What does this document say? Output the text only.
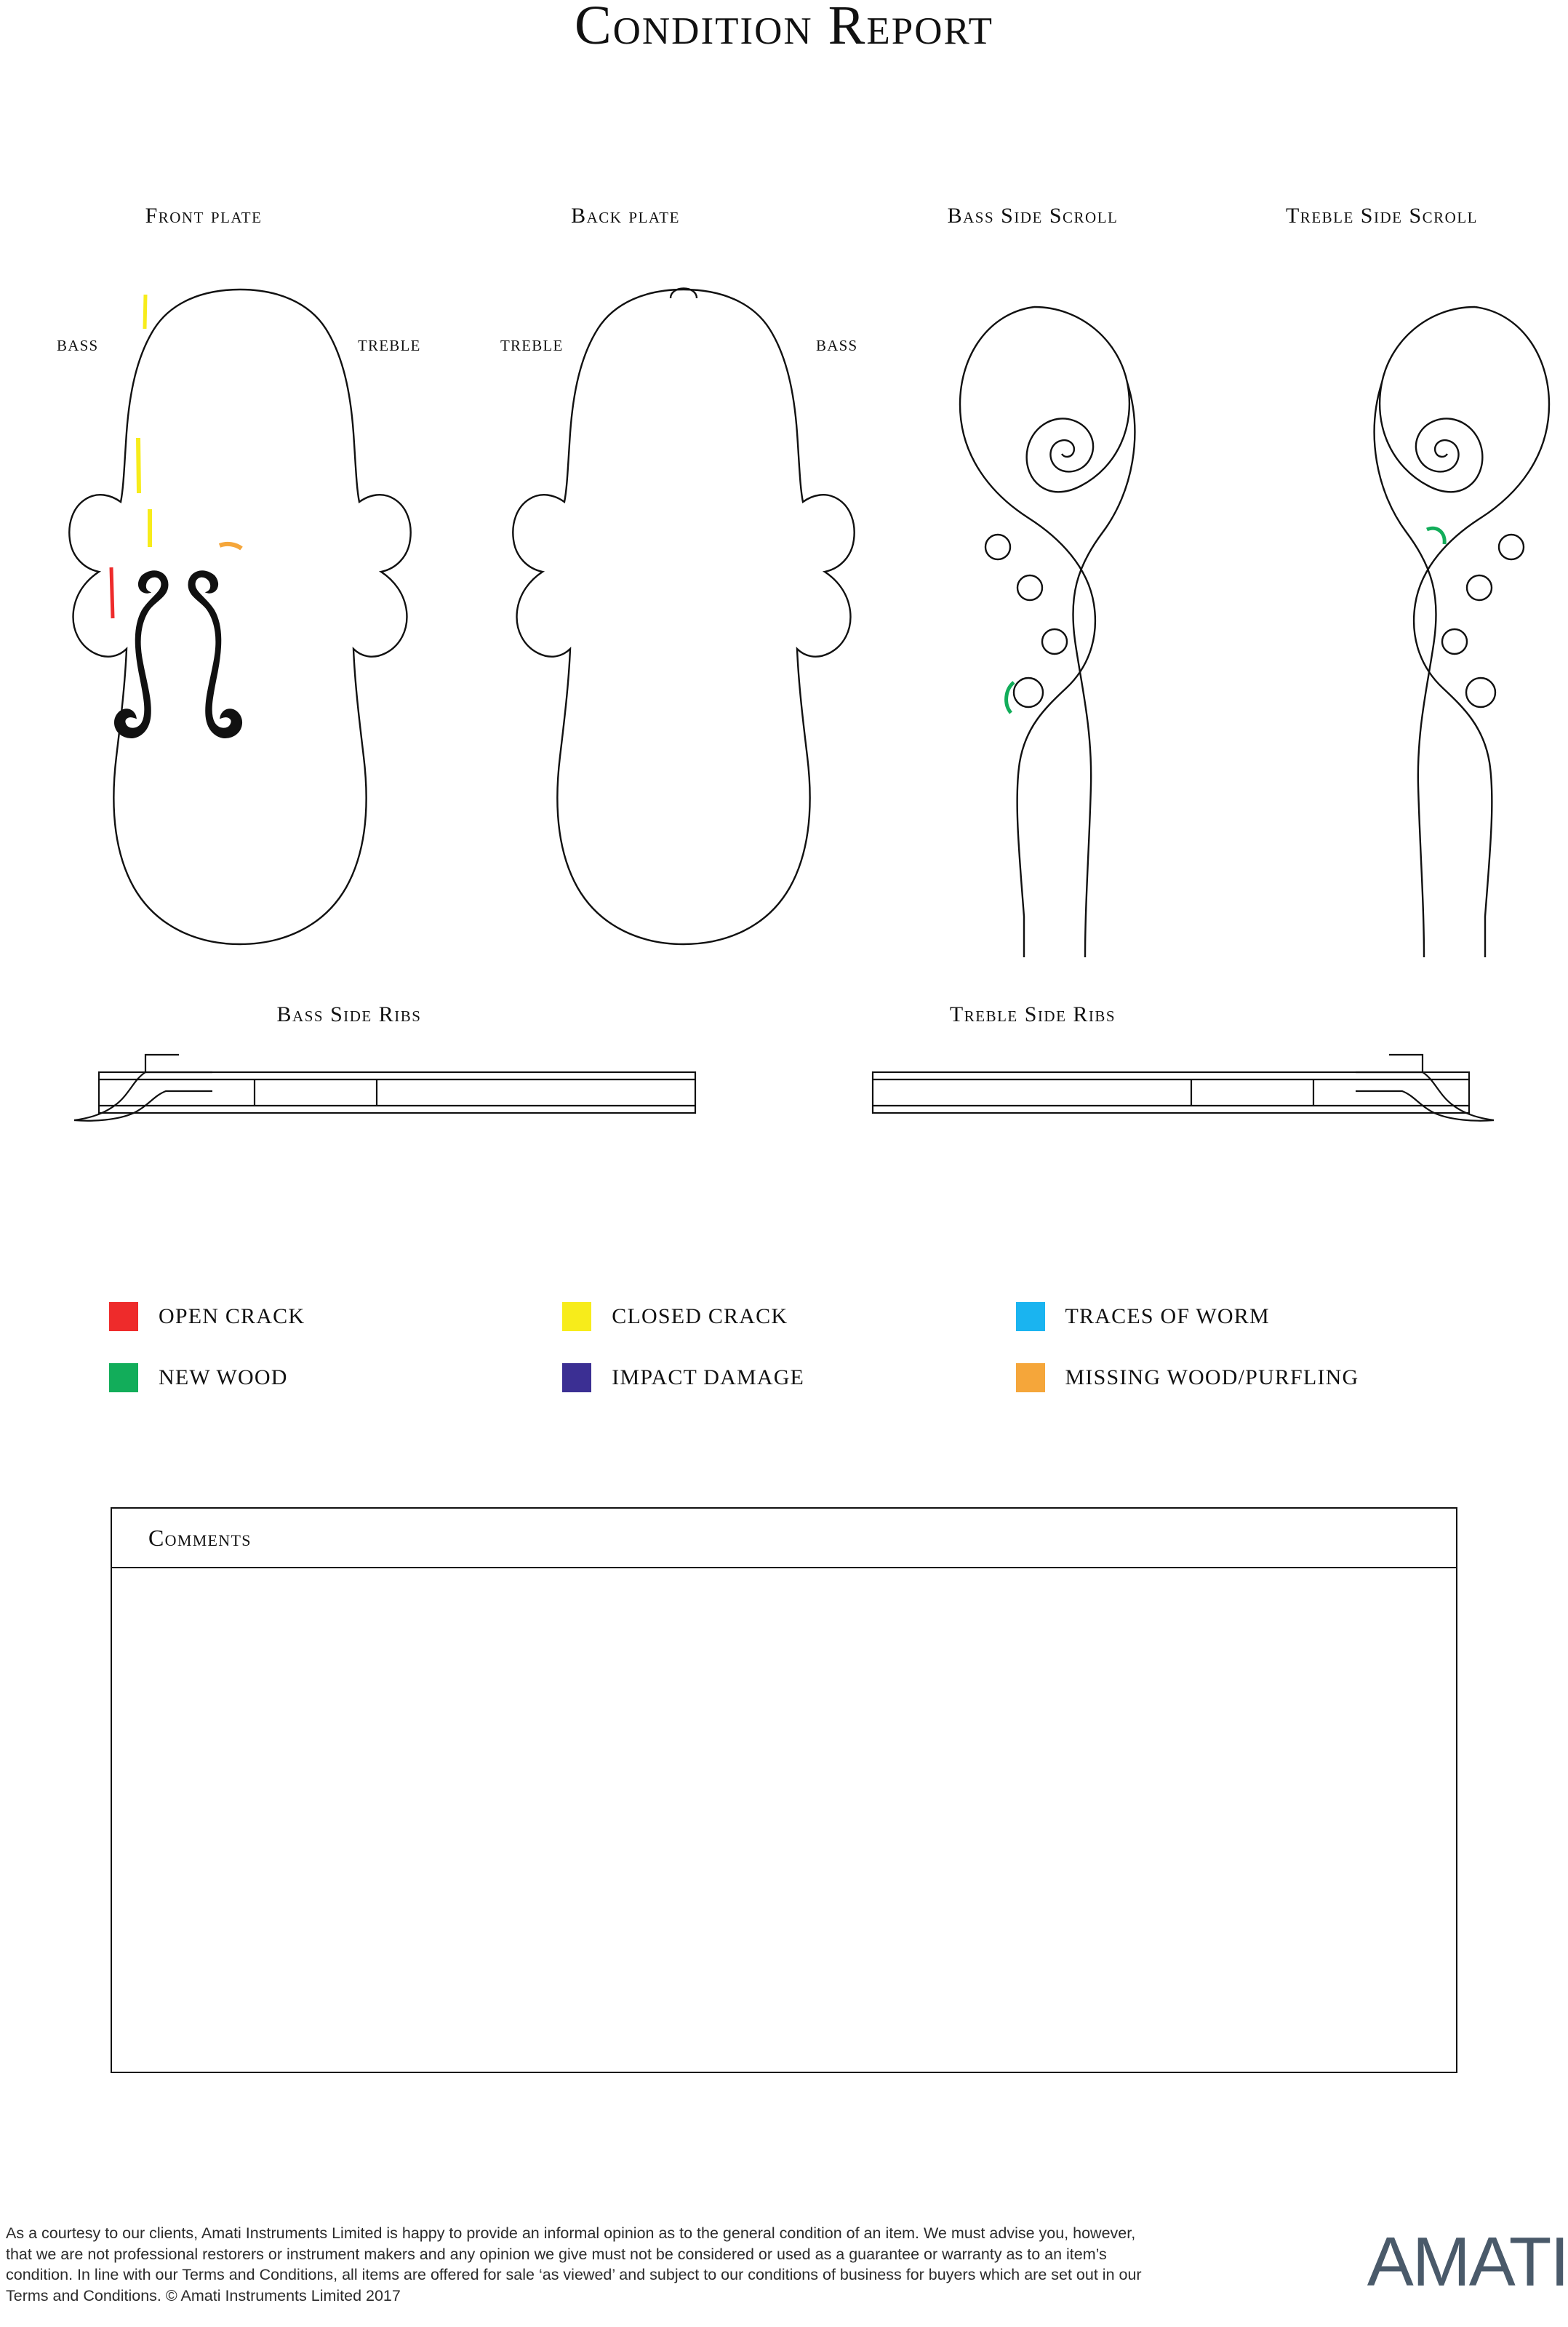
Condition Report
Front plate	Back plate	Bass Side Scroll	Treble Side Scroll
BASS	TREBLE	TREBLE	BASS
Bass Side Ribs	Treble Side Ribs
OPEN CRACK	CLOSED CRACK	TRACES OF WORM
NEW WOOD	IMPACT DAMAGE	MISSING WOOD/PURFLING
Comments
As a courtesy to our clients, Amati Instruments Limited is happy to provide an informal opinion as to the general condition of an item. We must advise you, however, that we are not professional restorers or instrument makers and any opinion we give must not be considered or used as a guarantee or warranty as to an item’s condition. In line with our Terms and Conditions, all items are offered for sale ‘as viewed’ and subject to our conditions of business for buyers which are set out in our Terms and Conditions. © Amati Instruments Limited 2017	AMATI
